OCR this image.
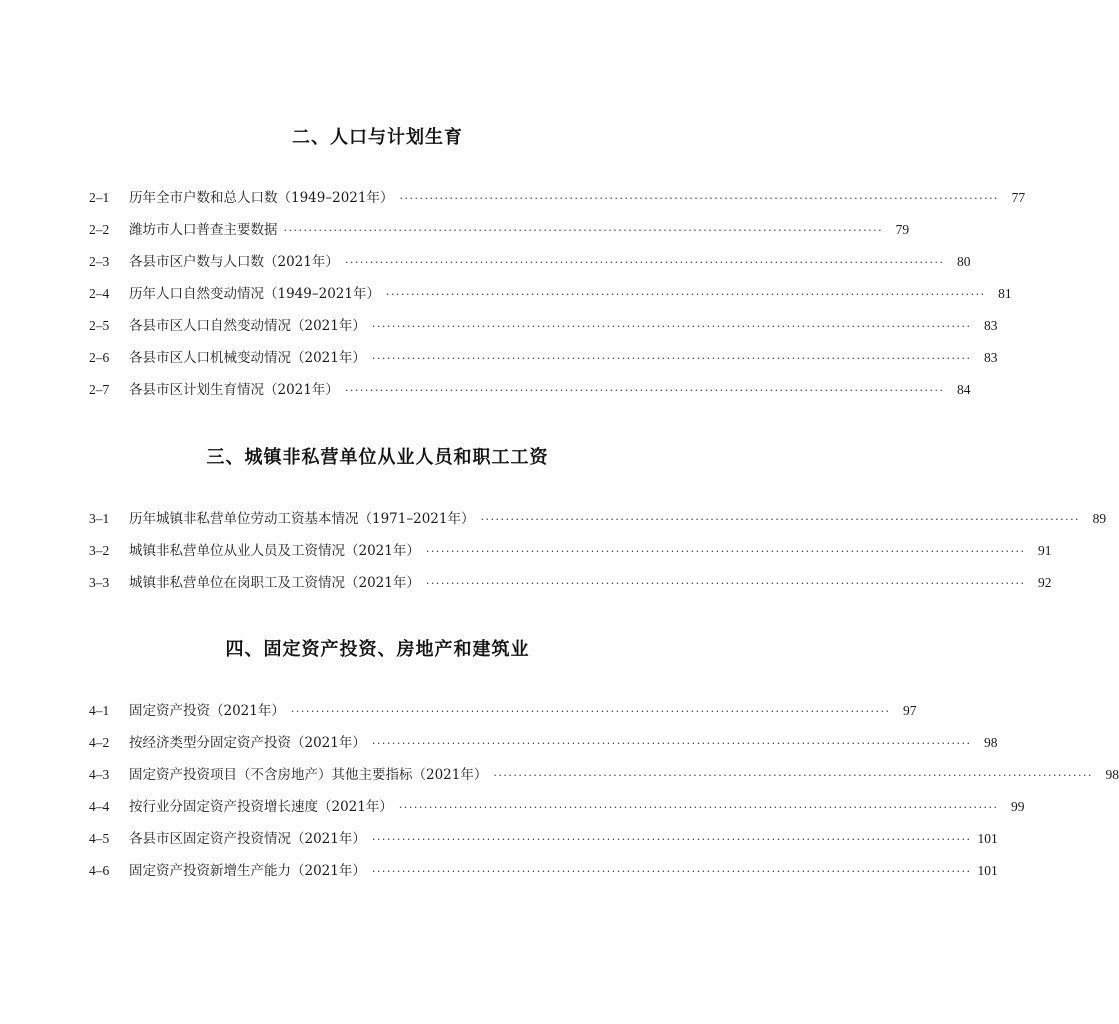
二、人口与计划生育
2–1	历年全市户数和总人口数（1949–2021年） ························································································································ 77
2–2	潍坊市人口普查主要数据 ························································································································ 79
2–3	各县市区户数与人口数（2021年） ························································································································ 80
2–4	历年人口自然变动情况（1949–2021年） ························································································································ 81
2–5	各县市区人口自然变动情况（2021年） ························································································································ 83
2–6	各县市区人口机械变动情况（2021年） ························································································································ 83
2–7	各县市区计划生育情况（2021年） ························································································································ 84
三、城镇非私营单位从业人员和职工工资
3–1	历年城镇非私营单位劳动工资基本情况（1971–2021年） ························································································································ 89
3–2	城镇非私营单位从业人员及工资情况（2021年） ························································································································ 91
3–3	城镇非私营单位在岗职工及工资情况（2021年） ························································································································ 92
四、固定资产投资、房地产和建筑业
4–1	固定资产投资（2021年） ························································································································ 97
4–2	按经济类型分固定资产投资（2021年） ························································································································ 98
4–3	固定资产投资项目（不含房地产）其他主要指标（2021年） ························································································································ 98
4–4	按行业分固定资产投资增长速度（2021年） ························································································································ 99
4–5	各县市区固定资产投资情况（2021年） ························································································································ 101
4–6	固定资产投资新增生产能力（2021年） ························································································································ 101
